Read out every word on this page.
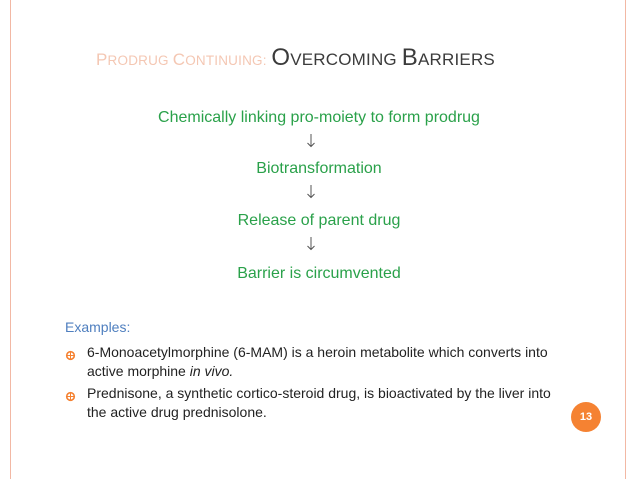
PRODRUG CONTINUING: OVERCOMING BARRIERS
Chemically linking pro-moiety to form prodrug
Biotransformation
Release of parent drug
Barrier is circumvented
Examples:
6-Monoacetylmorphine (6-MAM) is a heroin metabolite which converts into active morphine in vivo.
Prednisone, a synthetic cortico-steroid drug, is bioactivated by the liver into the active drug prednisolone.	13
